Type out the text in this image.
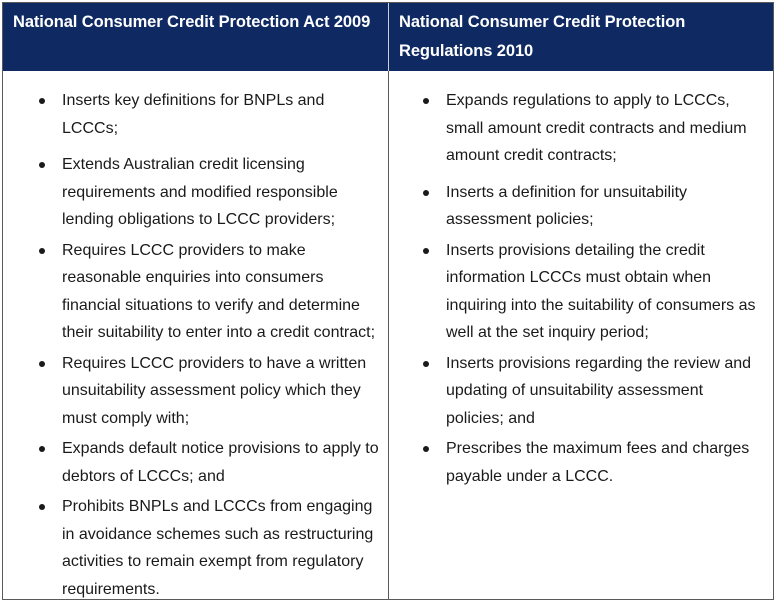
National Consumer Credit Protection Act 2009	National Consumer Credit Protection Regulations 2010
Inserts key definitions for BNPLs and LCCCs;
Extends Australian credit licensing requirements and modified responsible lending obligations to LCCC providers;
Requires LCCC providers to make reasonable enquiries into consumers financial situations to verify and determine their suitability to enter into a credit contract;
Requires LCCC providers to have a written unsuitability assessment policy which they must comply with;
Expands default notice provisions to apply to debtors of LCCCs; and
Prohibits BNPLs and LCCCs from engaging in avoidance schemes such as restructuring activities to remain exempt from regulatory requirements.
Expands regulations to apply to LCCCs, small amount credit contracts and medium amount credit contracts;
Inserts a definition for unsuitability assessment policies;
Inserts provisions detailing the credit information LCCCs must obtain when inquiring into the suitability of consumers as well at the set inquiry period;
Inserts provisions regarding the review and updating of unsuitability assessment policies; and
Prescribes the maximum fees and charges payable under a LCCC.
